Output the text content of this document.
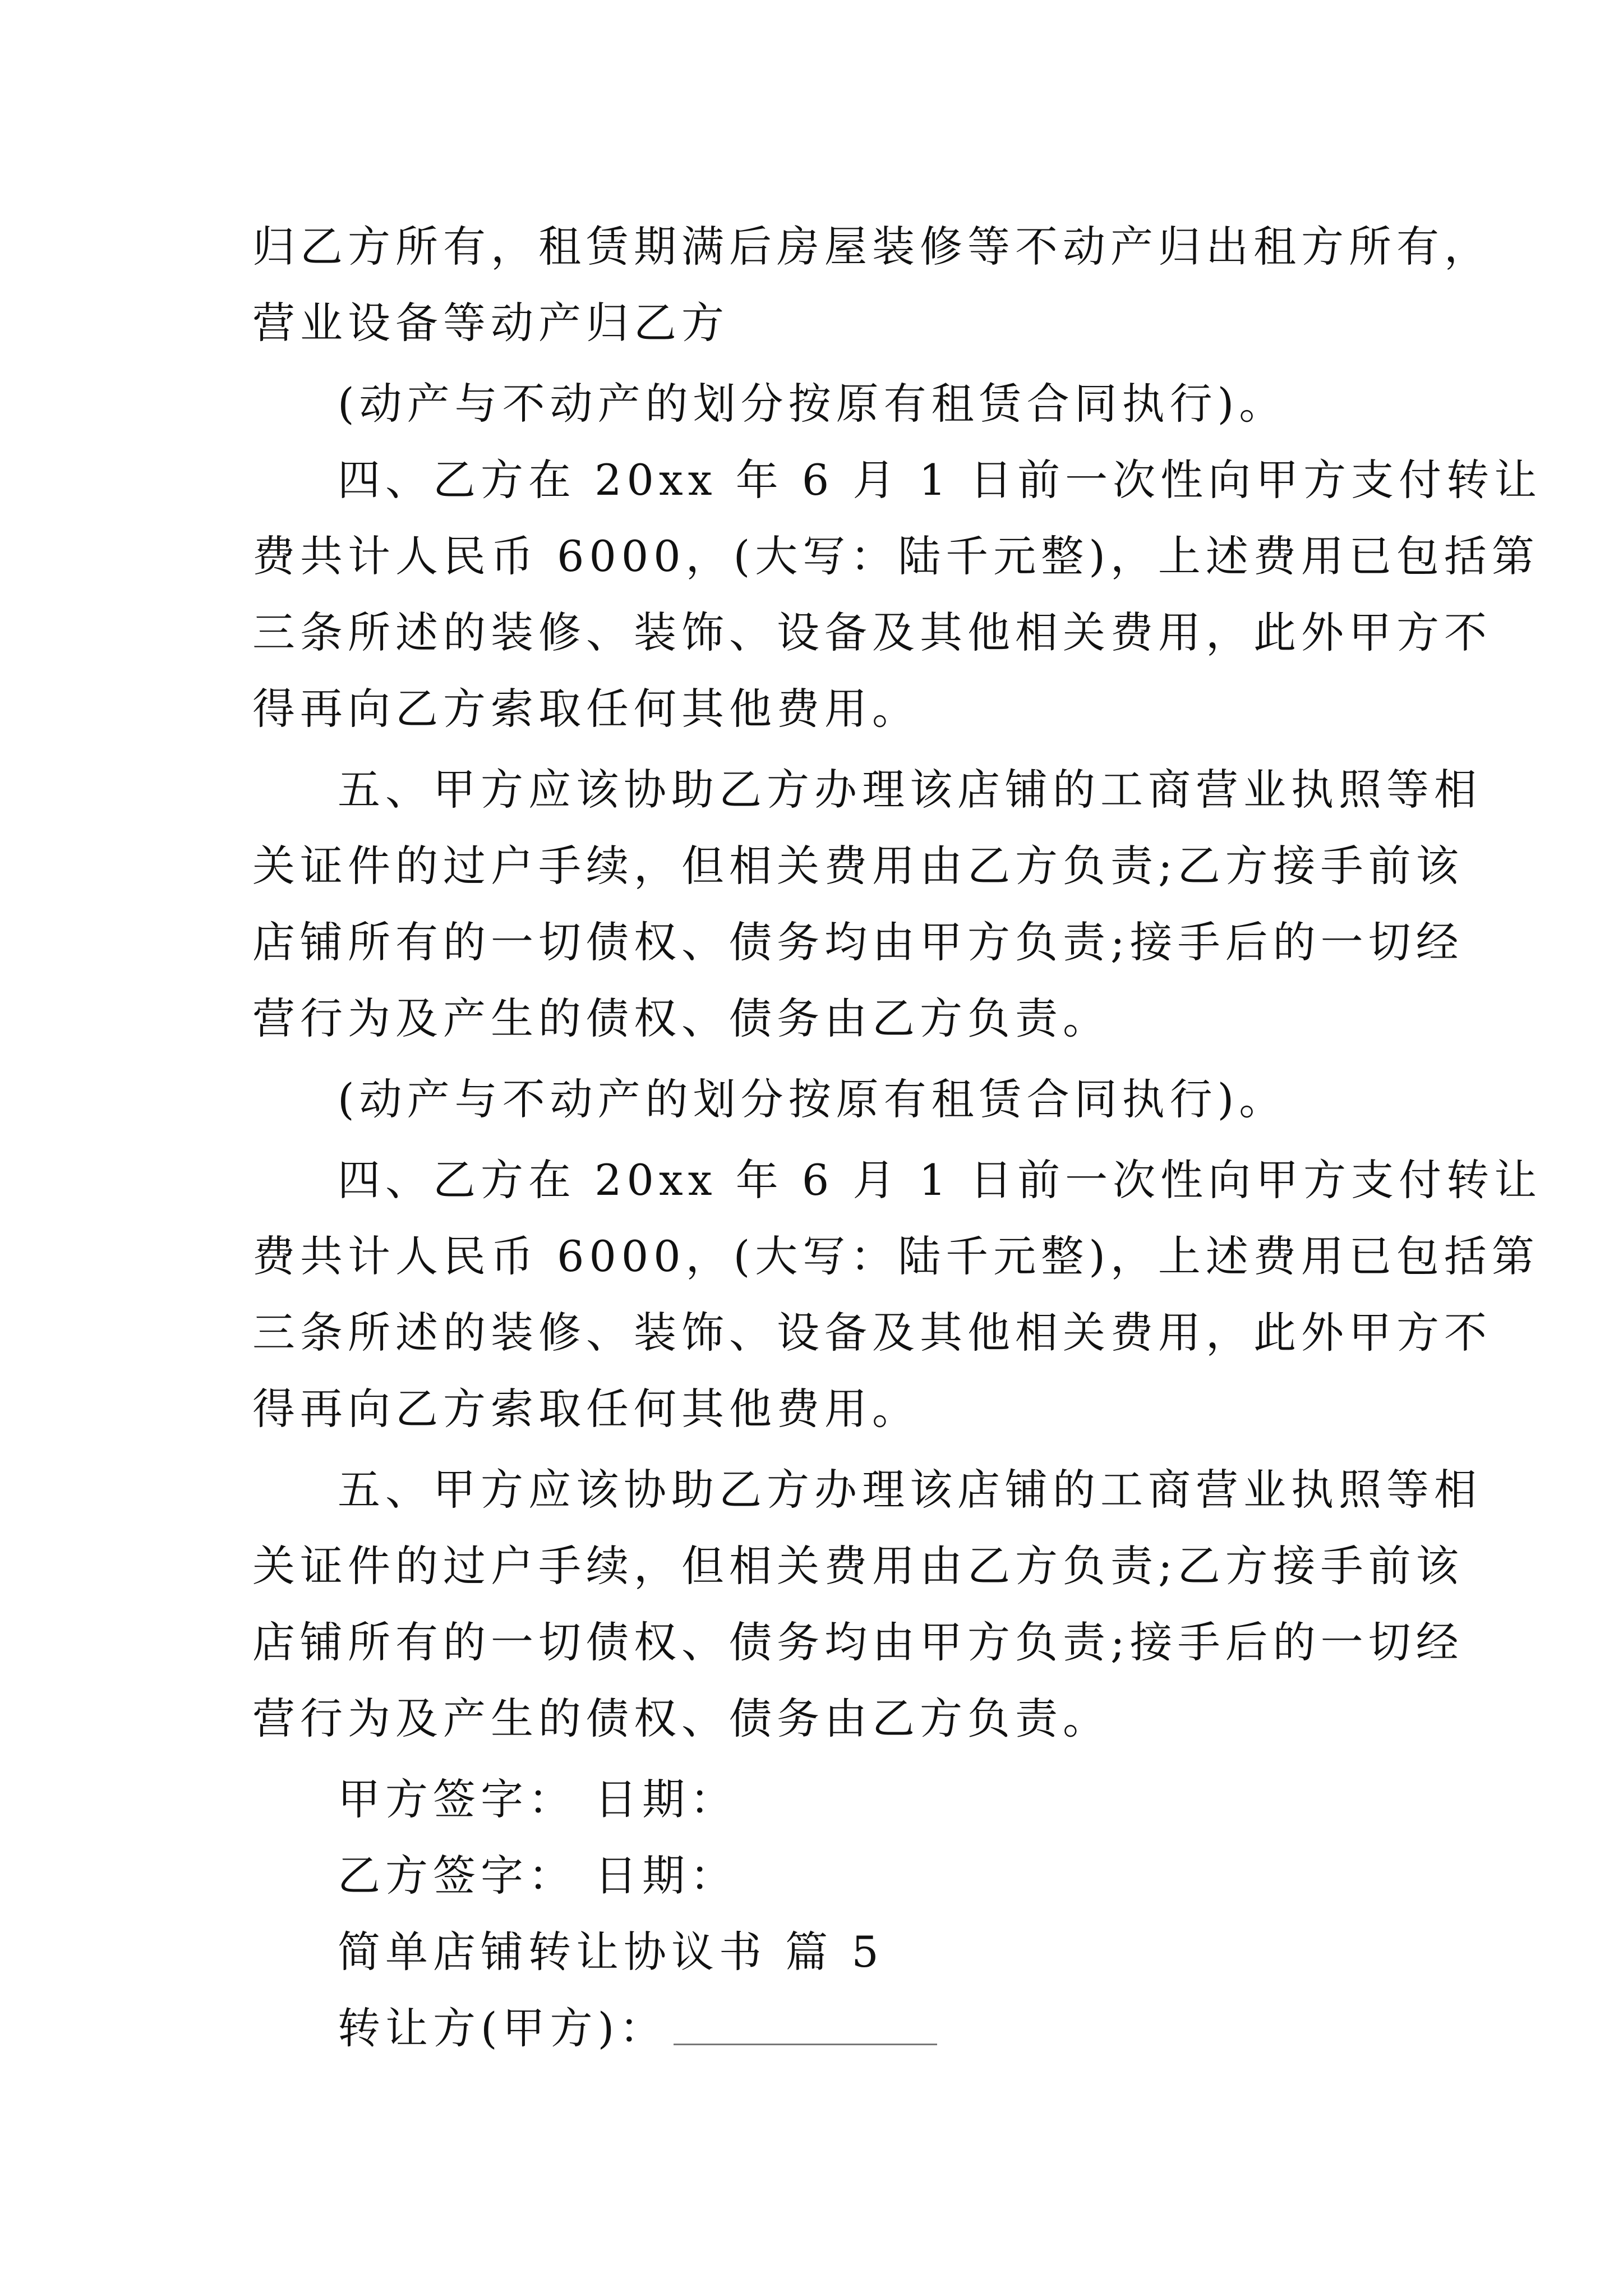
归乙方所有，租赁期满后房屋装修等不动产归出租方所有，
营业设备等动产归乙方
(动产与不动产的划分按原有租赁合同执行)。
四、乙方在 20xx 年 6 月 1 日前一次性向甲方支付转让
费共计人民币 6000，(大写：陆千元整)，上述费用已包括第
三条所述的装修、装饰、设备及其他相关费用，此外甲方不
得再向乙方索取任何其他费用。
五、甲方应该协助乙方办理该店铺的工商营业执照等相
关证件的过户手续，但相关费用由乙方负责;乙方接手前该
店铺所有的一切债权、债务均由甲方负责;接手后的一切经
营行为及产生的债权、债务由乙方负责。
(动产与不动产的划分按原有租赁合同执行)。
四、乙方在 20xx 年 6 月 1 日前一次性向甲方支付转让
费共计人民币 6000，(大写：陆千元整)，上述费用已包括第
三条所述的装修、装饰、设备及其他相关费用，此外甲方不
得再向乙方索取任何其他费用。
五、甲方应该协助乙方办理该店铺的工商营业执照等相
关证件的过户手续，但相关费用由乙方负责;乙方接手前该
店铺所有的一切债权、债务均由甲方负责;接手后的一切经
营行为及产生的债权、债务由乙方负责。
甲方签字： 日期：
乙方签字： 日期：
简单店铺转让协议书 篇 5
转让方(甲方)：
